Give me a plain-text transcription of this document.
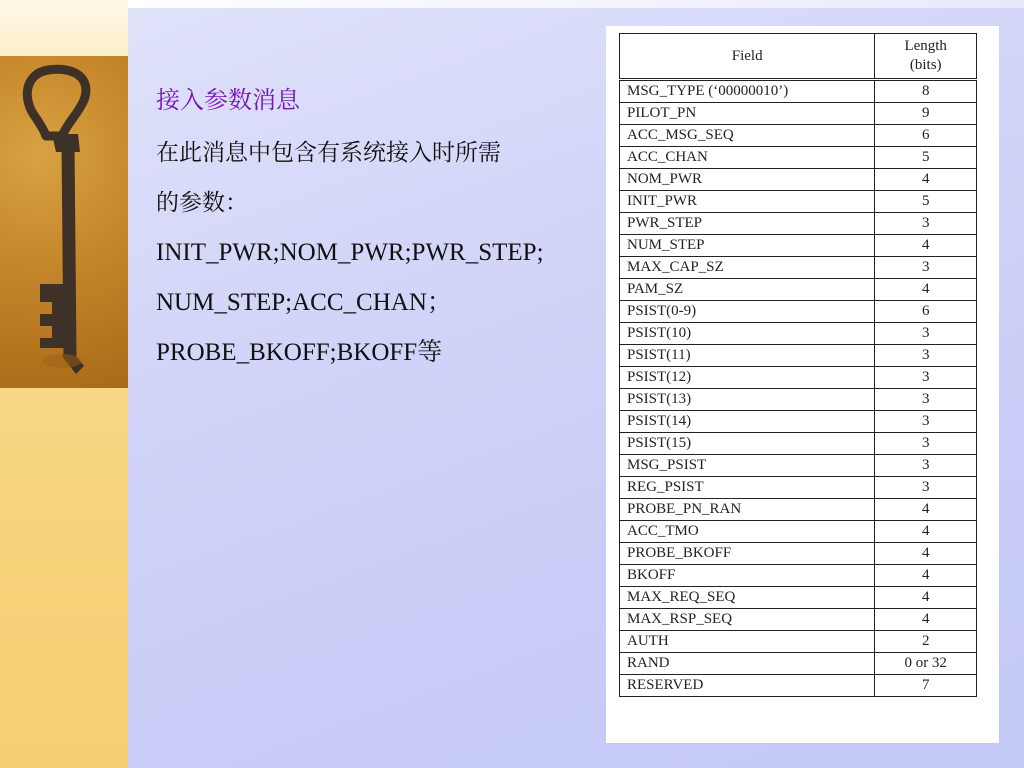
接入参数消息
在此消息中包含有系统接入时所需
的参数：
INIT_PWR;NOM_PWR;PWR_STEP;
NUM_STEP;ACC_CHAN；
PROBE_BKOFF;BKOFF等
Field	Length
(bits)
MSG_TYPE (‘00000010’)	8
PILOT_PN	9
ACC_MSG_SEQ	6
ACC_CHAN	5
NOM_PWR	4
INIT_PWR	5
PWR_STEP	3
NUM_STEP	4
MAX_CAP_SZ	3
PAM_SZ	4
PSIST(0-9)	6
PSIST(10)	3
PSIST(11)	3
PSIST(12)	3
PSIST(13)	3
PSIST(14)	3
PSIST(15)	3
MSG_PSIST	3
REG_PSIST	3
PROBE_PN_RAN	4
ACC_TMO	4
PROBE_BKOFF	4
BKOFF	4
MAX_REQ_SEQ	4
MAX_RSP_SEQ	4
AUTH	2
RAND	0 or 32
RESERVED	7
